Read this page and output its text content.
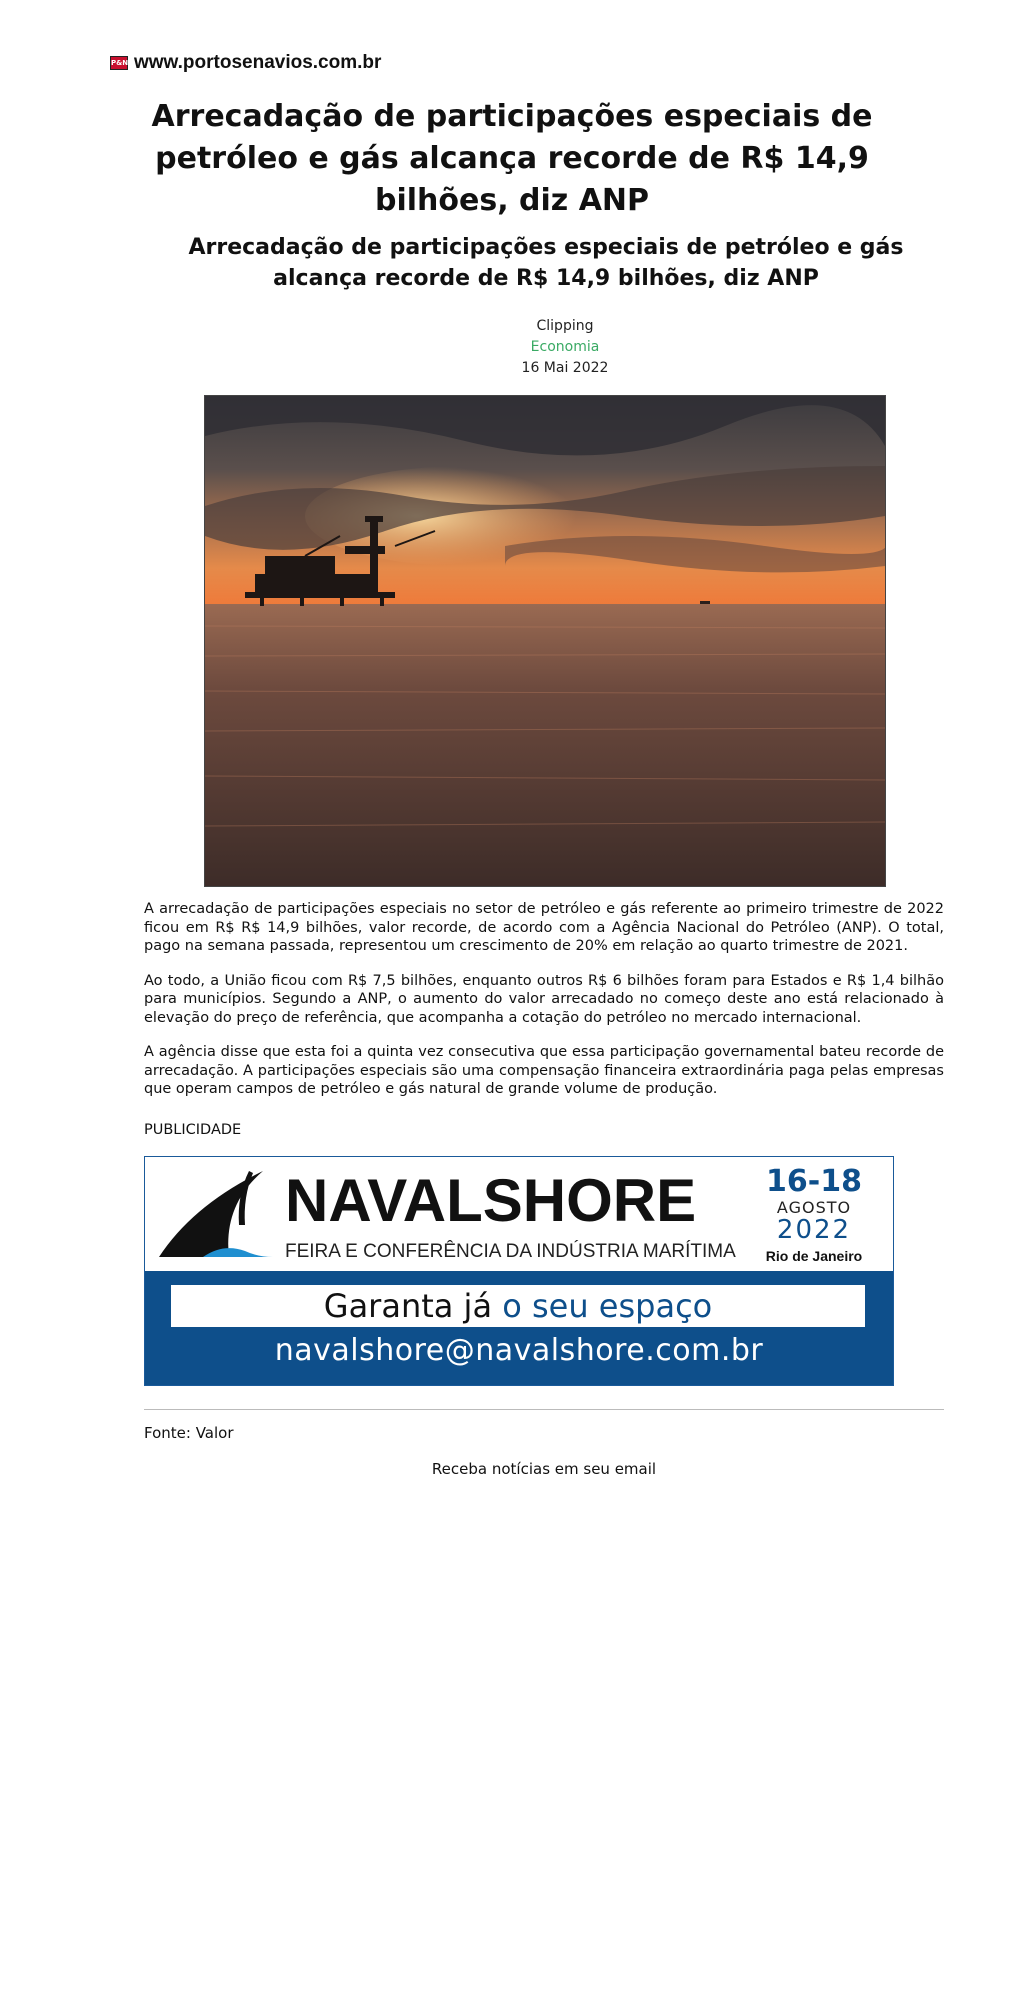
P&N www.portosenavios.com.br
Arrecadação de participações especiais de petróleo e gás alcança recorde de R$ 14,9 bilhões, diz ANP
Arrecadação de participações especiais de petróleo e gás alcança recorde de R$ 14,9 bilhões, diz ANP
Clipping
Economia
16 Mai 2022

A arrecadação de participações especiais no setor de petróleo e gás referente ao primeiro trimestre de 2022 ficou em R$ R$ 14,9 bilhões, valor recorde, de acordo com a Agência Nacional do Petróleo (ANP). O total, pago na semana passada, representou um crescimento de 20% em relação ao quarto trimestre de 2021.

Ao todo, a União ficou com R$ 7,5 bilhões, enquanto outros R$ 6 bilhões foram para Estados e R$ 1,4 bilhão para municípios. Segundo a ANP, o aumento do valor arrecadado no começo deste ano está relacionado à elevação do preço de referência, que acompanha a cotação do petróleo no mercado internacional.

A agência disse que esta foi a quinta vez consecutiva que essa participação governamental bateu recorde de arrecadação. A participações especiais são uma compensação financeira extraordinária paga pelas empresas que operam campos de petróleo e gás natural de grande volume de produção.

PUBLICIDADE
NAVALSHORE
FEIRA E CONFERÊNCIA DA INDÚSTRIA MARÍTIMA
16-18
AGOSTO
2022
Rio de Janeiro
Garanta já o seu espaço
navalshore@navalshore.com.br
Fonte: Valor
Receba notícias em seu email
